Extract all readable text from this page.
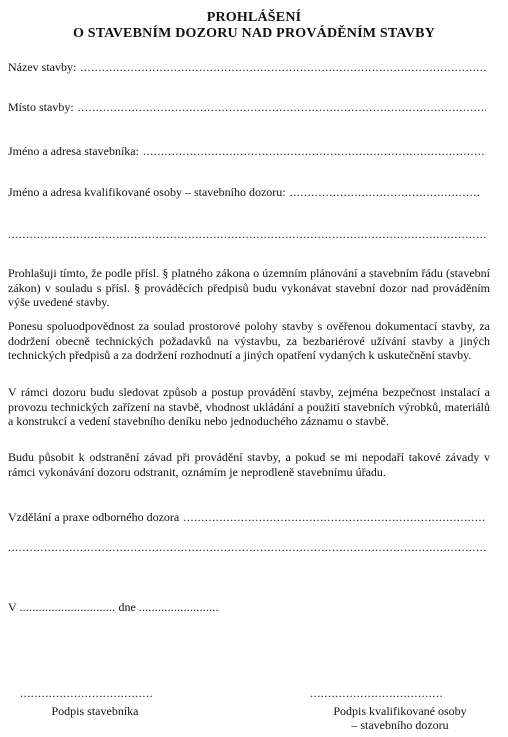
PROHLÁŠENÍ
O STAVEBNÍM DOZORU NAD PROVÁDĚNÍM STAVBY
Název stavby:
.....
Místo stavby:
.....
Jméno a adresa stavebníka:
.....
Jméno a adresa kvalifikované osoby – stavebního dozoru:
.....
.....

Prohlašuji tímto, že podle přísl. § platného zákona o územním plánování a stavebním řádu (stavební zákon) v souladu s přísl. § prováděcích předpisů budu vykonávat stavební dozor nad prováděním výše uvedené stavby.

Ponesu spoluodpovědnost za soulad prostorové polohy stavby s ověřenou dokumentací stavby, za dodržení obecně technických požadavků na výstavbu, za bezbariérové užívání stavby a jiných technických předpisů a za dodržení rozhodnutí a jiných opatření vydaných k uskutečnění stavby.

V rámci dozoru budu sledovat způsob a postup provádění stavby, zejména bezpečnost instalací a provozu technických zařízení na stavbě, vhodnost ukládání a použití stavebních výrobků, materiálů a konstrukcí a vedení stavebního deníku nebo jednoduchého záznamu o stavbě.

Budu působit k odstranění závad při provádění stavby, a pokud se mi nepodaří takové závady v rámci vykonávání dozoru odstranit, oznámím je neprodleně stavebnímu úřadu.

Vzdělání a praxe odborného dozora
.....
.....
V .............................. dne .........................
.....................................	.....................................
Podpis stavebníka	Podpis kvalifikované osoby
– stavebního dozoru
